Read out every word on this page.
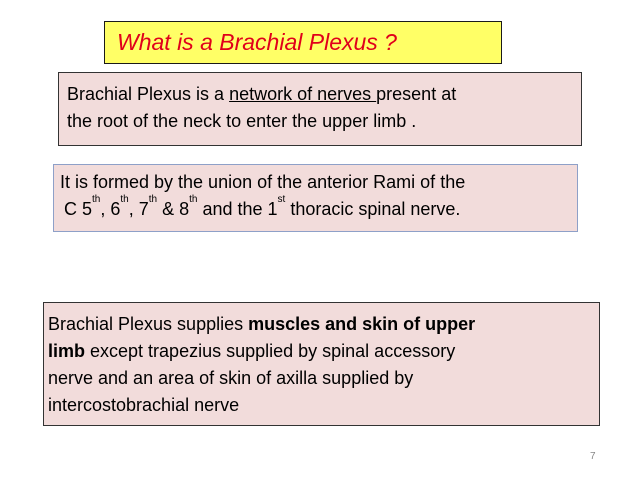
What is a Brachial Plexus ?
Brachial Plexus is a network of nerves present at
the root of the neck to enter the upper limb .
It is formed by the union of the anterior Rami of the
C 5th, 6th, 7th & 8th and the 1st thoracic spinal nerve.
Brachial Plexus supplies muscles and skin of upper
limb except trapezius supplied by spinal accessory
nerve and an area of skin of axilla supplied by
intercostobrachial nerve
7
